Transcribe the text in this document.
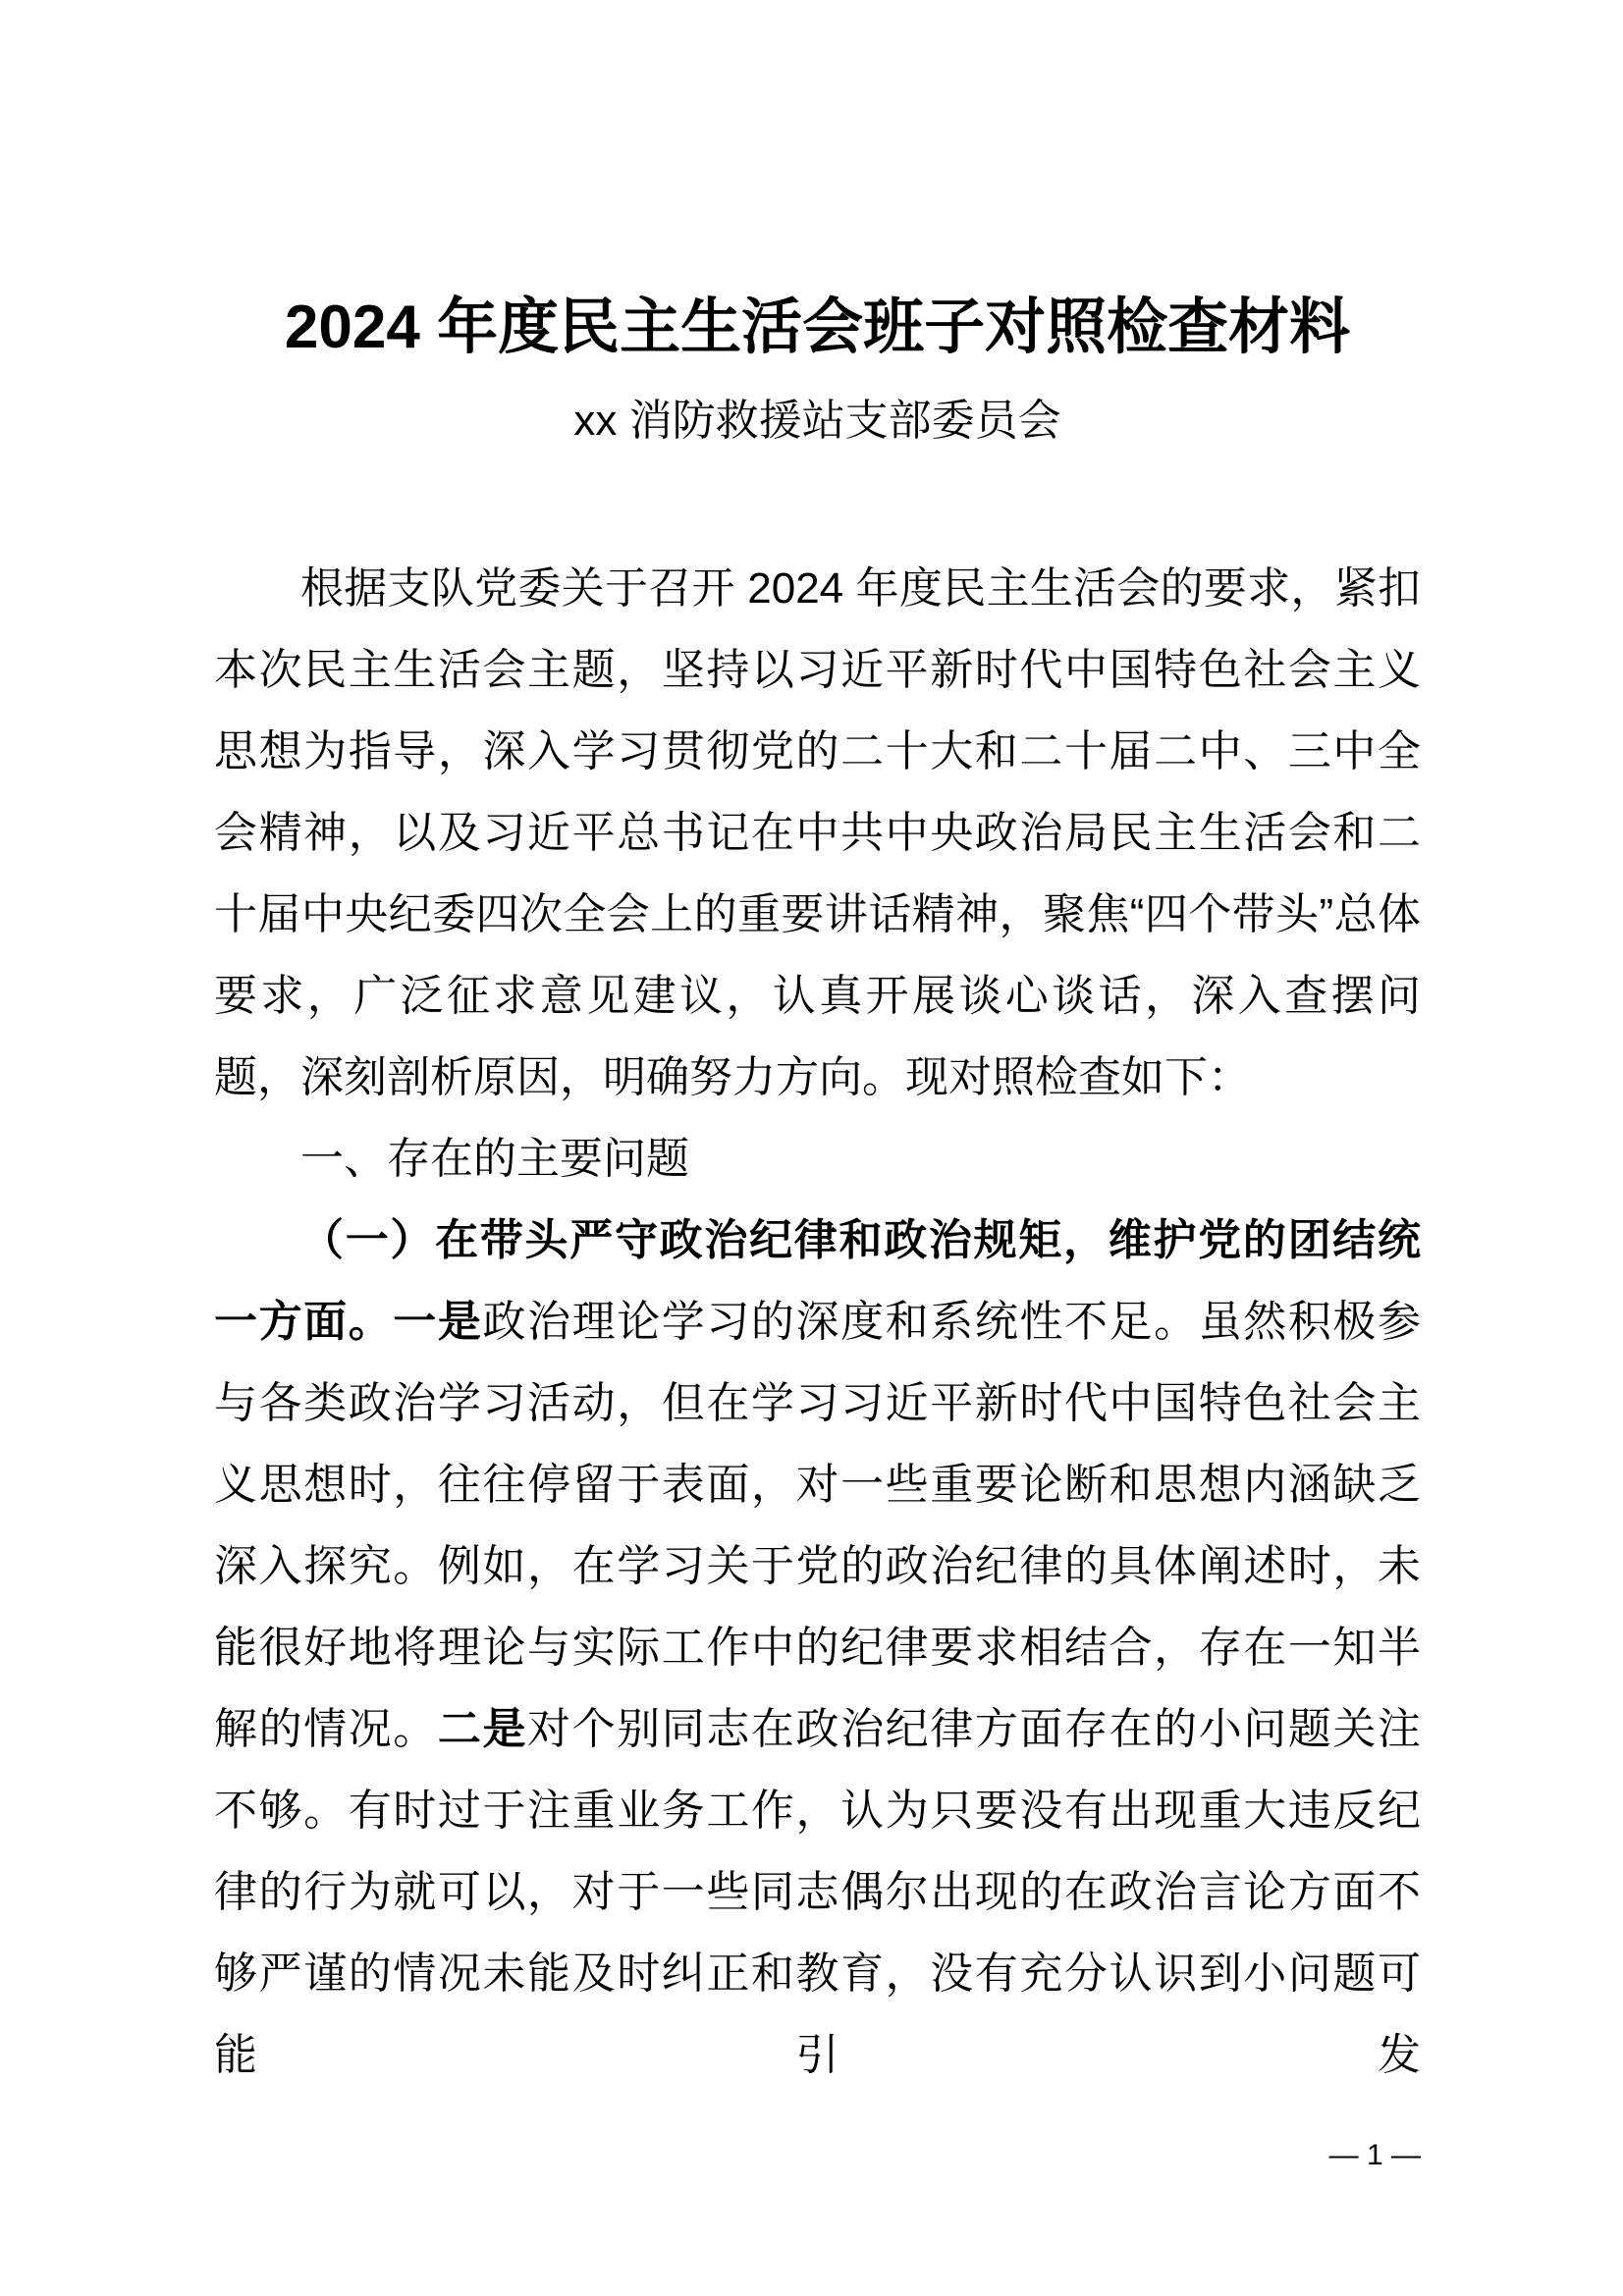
2024 年度民主生活会班子对照检查材料
xx 消防救援站支部委员会

根据支队党委关于召开 2024 年度民主生活会的要求，紧扣本次民主生活会主题，坚持以习近平新时代中国特色社会主义思想为指导，深入学习贯彻党的二十大和二十届二中、三中全会精神，以及习近平总书记在中共中央政治局民主生活会和二十届中央纪委四次全会上的重要讲话精神，聚焦“四个带头”总体要求，广泛征求意见建议，认真开展谈心谈话，深入查摆问题，深刻剖析原因，明确努力方向。现对照检查如下：

一、存在的主要问题

（一）在带头严守政治纪律和政治规矩，维护党的团结统一方面。一是政治理论学习的深度和系统性不足。虽然积极参与各类政治学习活动，但在学习习近平新时代中国特色社会主义思想时，往往停留于表面，对一些重要论断和思想内涵缺乏深入探究。例如，在学习关于党的政治纪律的具体阐述时，未能很好地将理论与实际工作中的纪律要求相结合，存在一知半解的情况。二是对个别同志在政治纪律方面存在的小问题关注不够。有时过于注重业务工作，认为只要没有出现重大违反纪律的行为就可以，对于一些同志偶尔出现的在政治言论方面不够严谨的情况未能及时纠正和教育，没有充分认识到小问题可能引发

— 1 —
